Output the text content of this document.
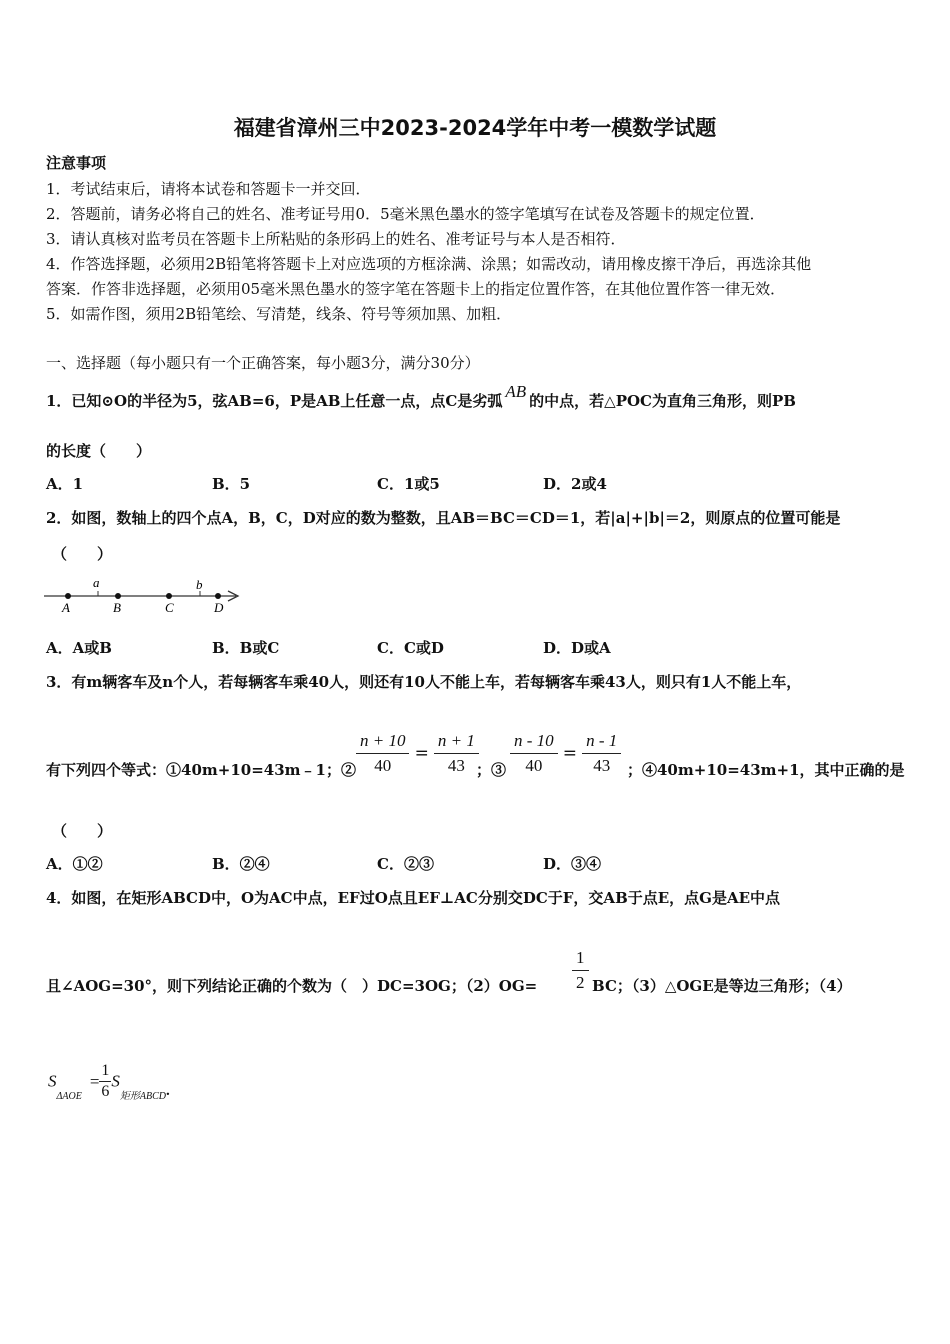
福建省漳州三中2023-2024学年中考一模数学试题
注意事项
1．考试结束后，请将本试卷和答题卡一并交回．
2．答题前，请务必将自己的姓名、准考证号用0．5毫米黑色墨水的签字笔填写在试卷及答题卡的规定位置．
3．请认真核对监考员在答题卡上所粘贴的条形码上的姓名、准考证号与本人是否相符．
4．作答选择题，必须用2B铅笔将答题卡上对应选项的方框涂满、涂黑；如需改动，请用橡皮擦干净后，再选涂其他
答案．作答非选择题，必须用05毫米黑色墨水的签字笔在答题卡上的指定位置作答，在其他位置作答一律无效．
5．如需作图，须用2B铅笔绘、写清楚，线条、符号等须加黑、加粗．
一、选择题（每小题只有一个正确答案，每小题3分，满分30分）
1．已知⊙O的半径为5，弦AB=6，P是AB上任意一点，点C是劣弧 AB 的中点，若△POC为直角三角形，则PB
的长度（　　）
A．1	B．5	C．1或5	D．2或4
2．如图，数轴上的四个点A，B，C，D对应的数为整数，且AB＝BC＝CD＝1，若|a|+|b|＝2，则原点的位置可能是
（　　）
a	b
A	B	C	D
A．A或B	B．B或C	C．C或D	D．D或A
3．有m辆客车及n个人，若每辆客车乘40人，则还有10人不能上车，若每辆客车乘43人，则只有1人不能上车，
有下列四个等式：①40m+10=43m﹣1；② $\frac{n + 10}{40} = \frac{n + 1}{43}$
；③ $\frac{n - 10}{40} = \frac{n - 1}{43}$ ；④40m+10=43m+1，其中正确的是
（　　）
A．①②	B．②④	C．②③	D．③④
4．如图，在矩形ABCD中，O为AC中点，EF过O点且EF⊥AC分别交DC于F，交AB于点E，点G是AE中点
且∠AOG=30°，则下列结论正确的个数为（　）DC=3OG；$(2)OG= \frac{1}{2}$ BC；（3）△OGE是等边三角形；（4）
$S_{\Delta AOE} = \frac{1}{6} S_{矩形ABCD}$.
